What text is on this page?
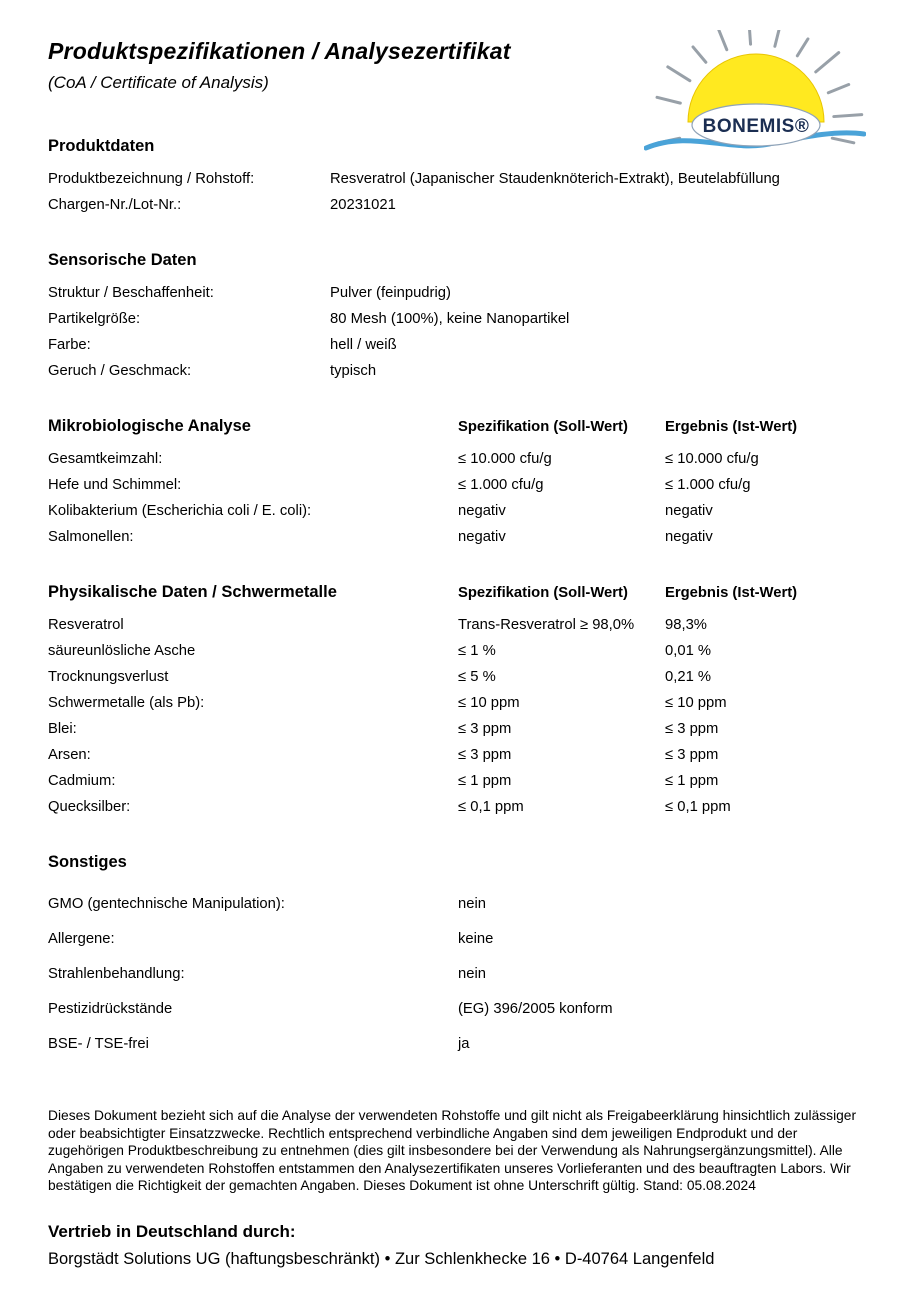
Produktspezifikationen / Analysezertifikat
(CoA / Certificate of Analysis)
BONEMIS®
Produktdaten
Produktbezeichnung / Rohstoff:	Resveratrol (Japanischer Staudenknöterich-Extrakt), Beutelabfüllung
Chargen-Nr./Lot-Nr.:	20231021
Sensorische Daten
Struktur / Beschaffenheit:	Pulver (feinpudrig)
Partikelgröße:	80 Mesh (100%), keine Nanopartikel
Farbe:	hell / weiß
Geruch / Geschmack:	typisch
Mikrobiologische Analyse	Spezifikation (Soll-Wert)	Ergebnis (Ist-Wert)
Gesamtkeimzahl:	≤ 10.000 cfu/g	≤ 10.000 cfu/g
Hefe und Schimmel:	≤ 1.000 cfu/g	≤ 1.000 cfu/g
Kolibakterium (Escherichia coli / E. coli):	negativ	negativ
Salmonellen:	negativ	negativ
Physikalische Daten / Schwermetalle	Spezifikation (Soll-Wert)	Ergebnis (Ist-Wert)
Resveratrol	Trans-Resveratrol ≥ 98,0%	98,3%
säureunlösliche Asche	≤ 1 %	0,01 %
Trocknungsverlust	≤ 5 %	0,21 %
Schwermetalle (als Pb):	≤ 10 ppm	≤ 10 ppm
Blei:	≤ 3 ppm	≤ 3 ppm
Arsen:	≤ 3 ppm	≤ 3 ppm
Cadmium:	≤ 1 ppm	≤ 1 ppm
Quecksilber:	≤ 0,1 ppm	≤ 0,1 ppm
Sonstiges
GMO (gentechnische Manipulation):	nein
Allergene:	keine
Strahlenbehandlung:	nein
Pestizidrückstände	(EG) 396/2005 konform
BSE- / TSE-frei	ja
Dieses Dokument bezieht sich auf die Analyse der verwendeten Rohstoffe und gilt nicht als Freigabeerklärung hinsichtlich zulässiger oder beabsichtigter Einsatzzwecke. Rechtlich entsprechend verbindliche Angaben sind dem jeweiligen Endprodukt und der zugehörigen Produktbeschreibung zu entnehmen (dies gilt insbesondere bei der Verwendung als Nahrungsergänzungsmittel). Alle Angaben zu verwendeten Rohstoffen entstammen den Analysezertifikaten unseres Vorlieferanten und des beauftragten Labors. Wir bestätigen die Richtigkeit der gemachten Angaben. Dieses Dokument ist ohne Unterschrift gültig. Stand: 05.08.2024
Vertrieb in Deutschland durch:
Borgstädt Solutions UG (haftungsbeschränkt) • Zur Schlenkhecke 16 • D-40764 Langenfeld
